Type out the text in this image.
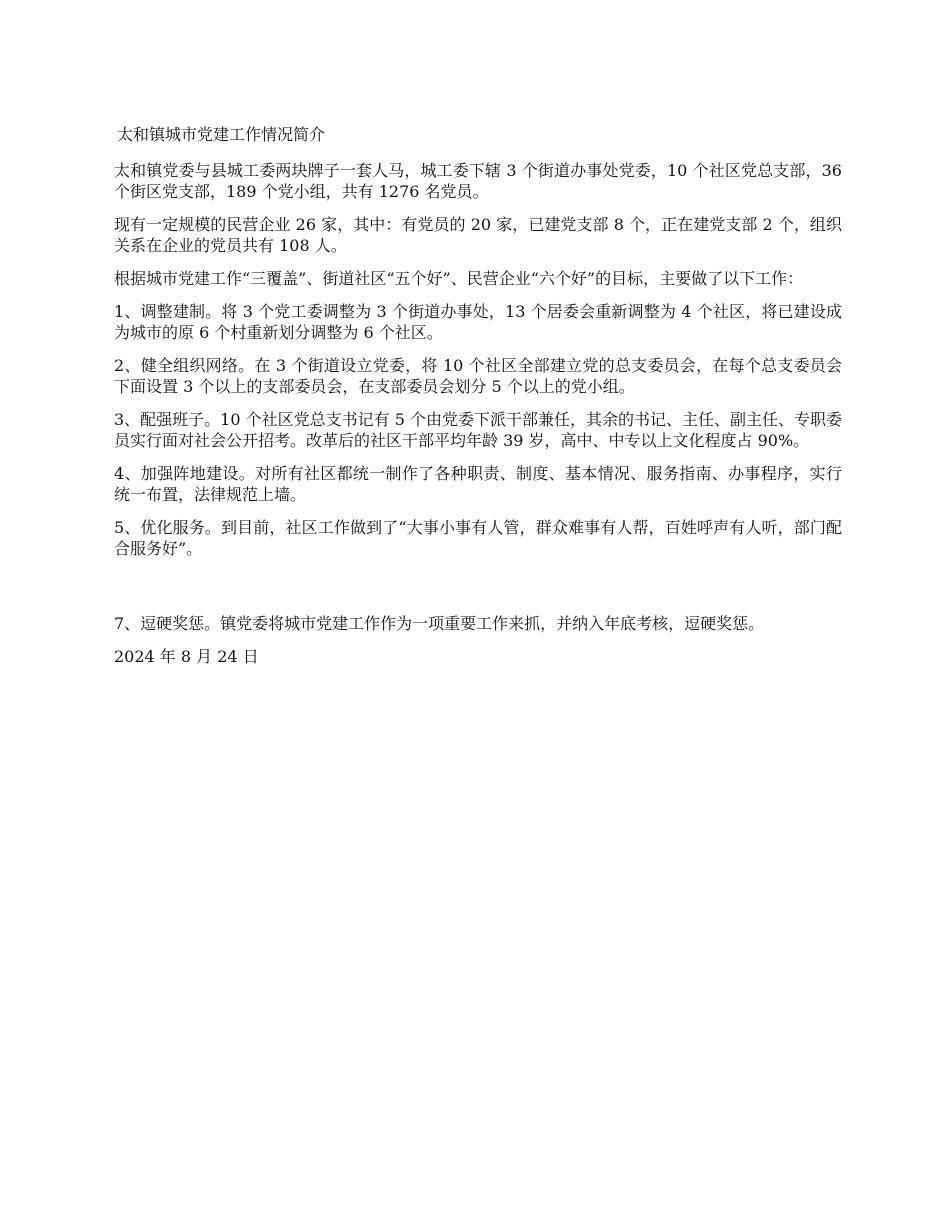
太和镇城市党建工作情况简介

太和镇党委与县城工委两块牌子一套人马，城工委下辖 3 个街道办事处党委，10 个社区党总支部，36 个街区党支部，189 个党小组，共有 1276 名党员。

现有一定规模的民营企业 26 家，其中：有党员的 20 家，已建党支部 8 个，正在建党支部 2 个，组织关系在企业的党员共有 108 人。

根据城市党建工作“三覆盖”、街道社区“五个好”、民营企业“六个好”的目标，主要做了以下工作：

1、调整建制。将 3 个党工委调整为 3 个街道办事处，13 个居委会重新调整为 4 个社区，将已建设成为城市的原 6 个村重新划分调整为 6 个社区。

2、健全组织网络。在 3 个街道设立党委，将 10 个社区全部建立党的总支委员会，在每个总支委员会下面设置 3 个以上的支部委员会，在支部委员会划分 5 个以上的党小组。

3、配强班子。10 个社区党总支书记有 5 个由党委下派干部兼任，其余的书记、主任、副主任、专职委员实行面对社会公开招考。改革后的社区干部平均年龄 39 岁，高中、中专以上文化程度占 90%。

4、加强阵地建设。对所有社区都统一制作了各种职责、制度、基本情况、服务指南、办事程序，实行统一布置，法律规范上墙。

5、优化服务。到目前，社区工作做到了“大事小事有人管，群众难事有人帮，百姓呼声有人听，部门配合服务好”。

7、逗硬奖惩。镇党委将城市党建工作作为一项重要工作来抓，并纳入年底考核，逗硬奖惩。

2024 年 8 月 24 日
